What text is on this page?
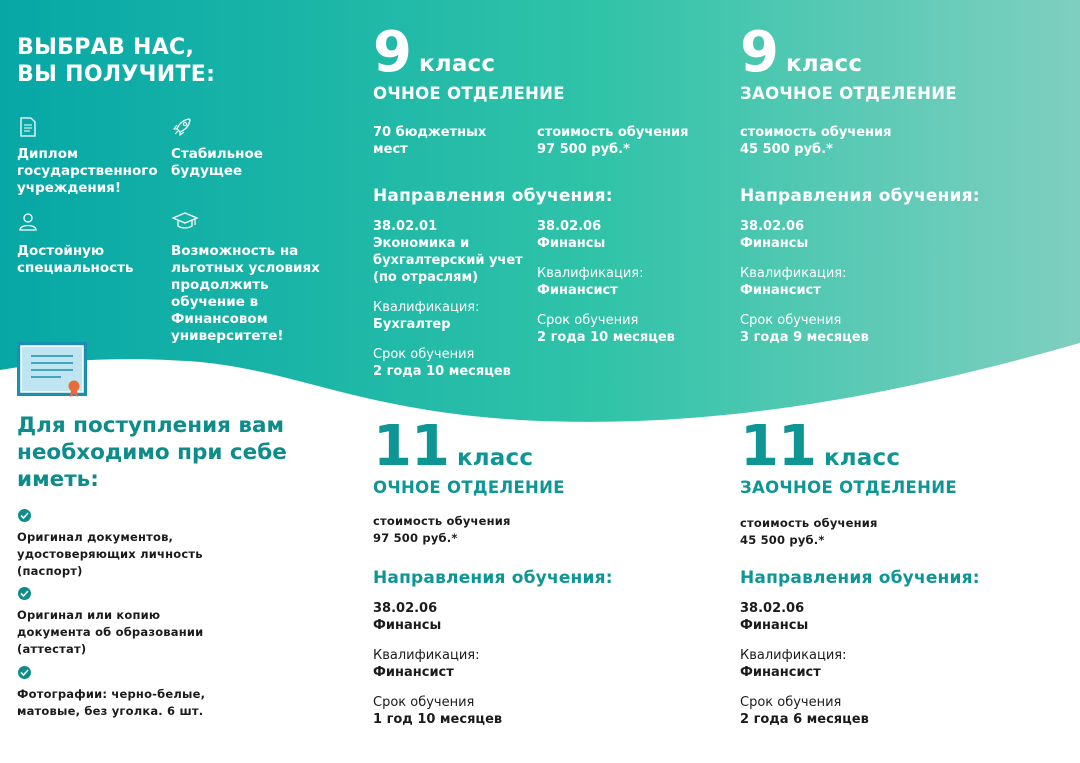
ВЫБРАВ НАС,
ВЫ ПОЛУЧИТЕ:
Диплом государственного учреждения!
Стабильное будущее
Достойную специальность
Возможность на льготных условиях продолжить обучение в Финансовом университете!
Для поступления вам необходимо при себе иметь:
Оригинал документов, удостоверяющих личность (паспорт)
Оригинал или копию документа об образовании (аттестат)
Фотографии: черно-белые, матовые, без уголка. 6 шт.
9 класс
ОЧНОЕ ОТДЕЛЕНИЕ
70 бюджетных мест
стоимость обучения
97 500 руб.*
Направления обучения:
38.02.01
Экономика и бухгалтерский учет (по отраслям)
Квалификация:
Бухгалтер
Срок обучения
2 года 10 месяцев
38.02.06
Финансы
Квалификация:
Финансист
Срок обучения
2 года 10 месяцев
9 класс
ЗАОЧНОЕ ОТДЕЛЕНИЕ
стоимость обучения
45 500 руб.*
Направления обучения:
38.02.06
Финансы
Квалификация:
Финансист
Срок обучения
3 года 9 месяцев
11 класс
ОЧНОЕ ОТДЕЛЕНИЕ
стоимость обучения
97 500 руб.*
Направления обучения:
38.02.06
Финансы
Квалификация:
Финансист
Срок обучения
1 год 10 месяцев
11 класс
ЗАОЧНОЕ ОТДЕЛЕНИЕ
стоимость обучения
45 500 руб.*
Направления обучения:
38.02.06
Финансы
Квалификация:
Финансист
Срок обучения
2 года 6 месяцев
